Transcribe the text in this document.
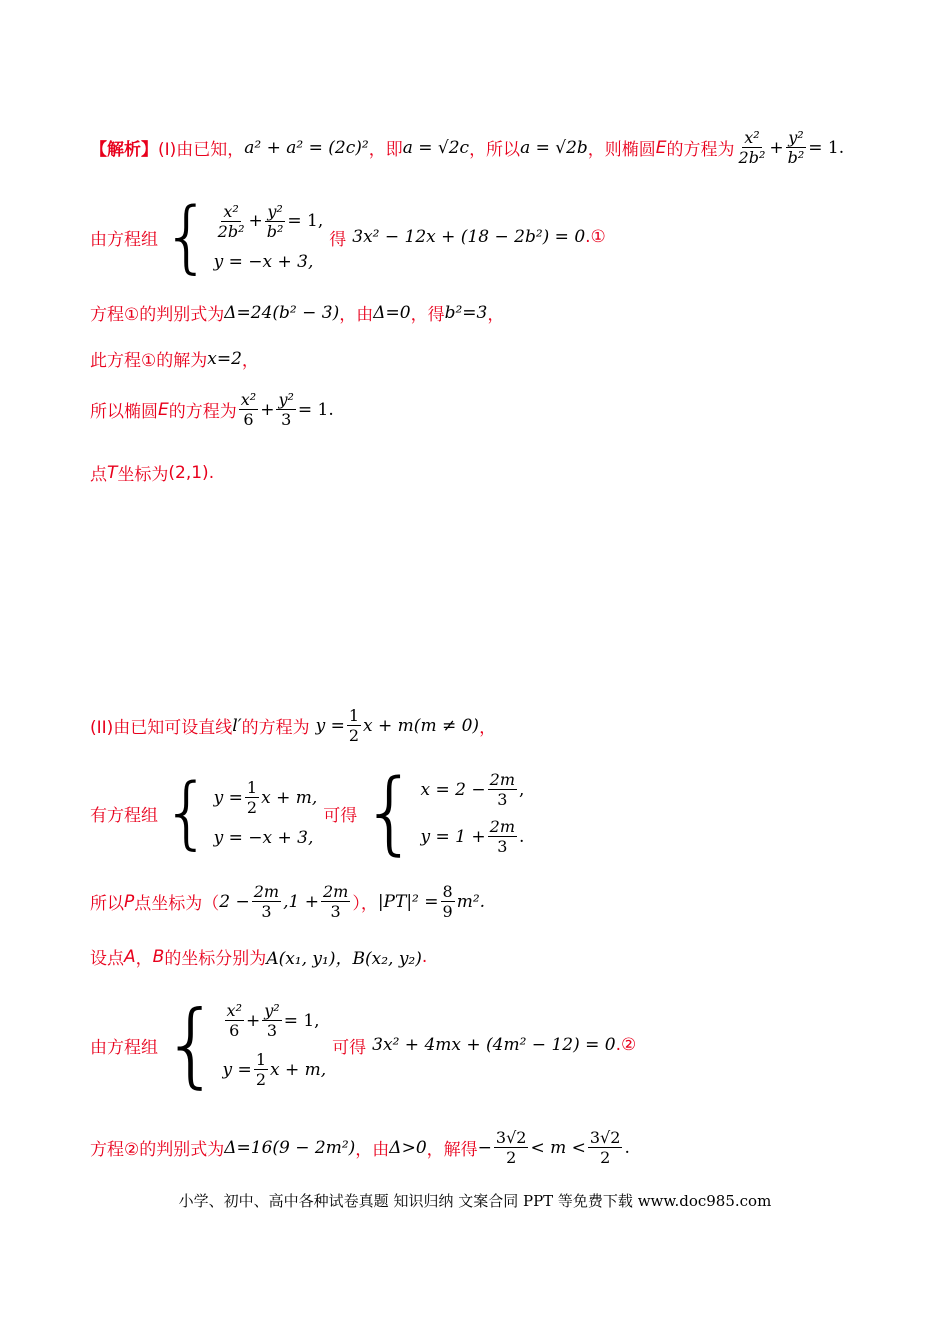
【解析】 (I)由已知， a² + a² = (2c)² ，即 a = √2c ，所以 a = √2b ，则椭圆 E 的方程为 $\frac{\text{x²}}{\text{2b²}} + \frac{\text{y²}}{\text{b²}} = 1$.
由方程组 { $\frac{\text{x²}}{\text{2b²}} + \frac{\text{y²}}{\text{b²}} = 1$,
y = −x + 3,
得 3x² − 12x + (18 − 2b²) = 0 .①
方程①的判别式为 Δ=24(b² − 3) ，由 Δ=0 ，得 b²=3 ，
此方程①的解为 x=2 ，
所以椭圆 E 的方程为 $\frac{\text{x²}}{6} + \frac{\text{y²}}{3} = 1$.
点 T 坐标为 (2,1) .
(II)由已知可设直线 l′ 的方程为 $y = \frac{1}{2}$ x + m(m ≠ 0) ，
有方程组 { $y = \frac{1}{2}$ x + m,
y = −x + 3,
可得 { $x = 2 - \frac{2m}{3}$ ,
$y = 1 + \frac{2m}{3}$ .
所以 P 点坐标为（ $2 - \frac{2m}{3} ,1 + \frac{2m}{3}$ ）， $|PT|^2 = \frac{8}{9} m^2$.
设点 A ， B 的坐标分别为 A(x₁, y₁)，B(x₂, y₂) .
由方程组 { $\frac{\text{x²}}{6} + \frac{\text{y²}}{3} = 1$,
$y = \frac{1}{2}$ x + m,
可得 3x² + 4mx + (4m² − 12) = 0 .②
方程②的判别式为 Δ=16(9 − 2m²) ，由 Δ>0 ，解得 − $\frac{3√2}{2} < m < \frac{3√2}{2}$ .
小学、初中、高中各种试卷真题 知识归纳 文案合同 PPT 等免费下载 www.doc985.com
